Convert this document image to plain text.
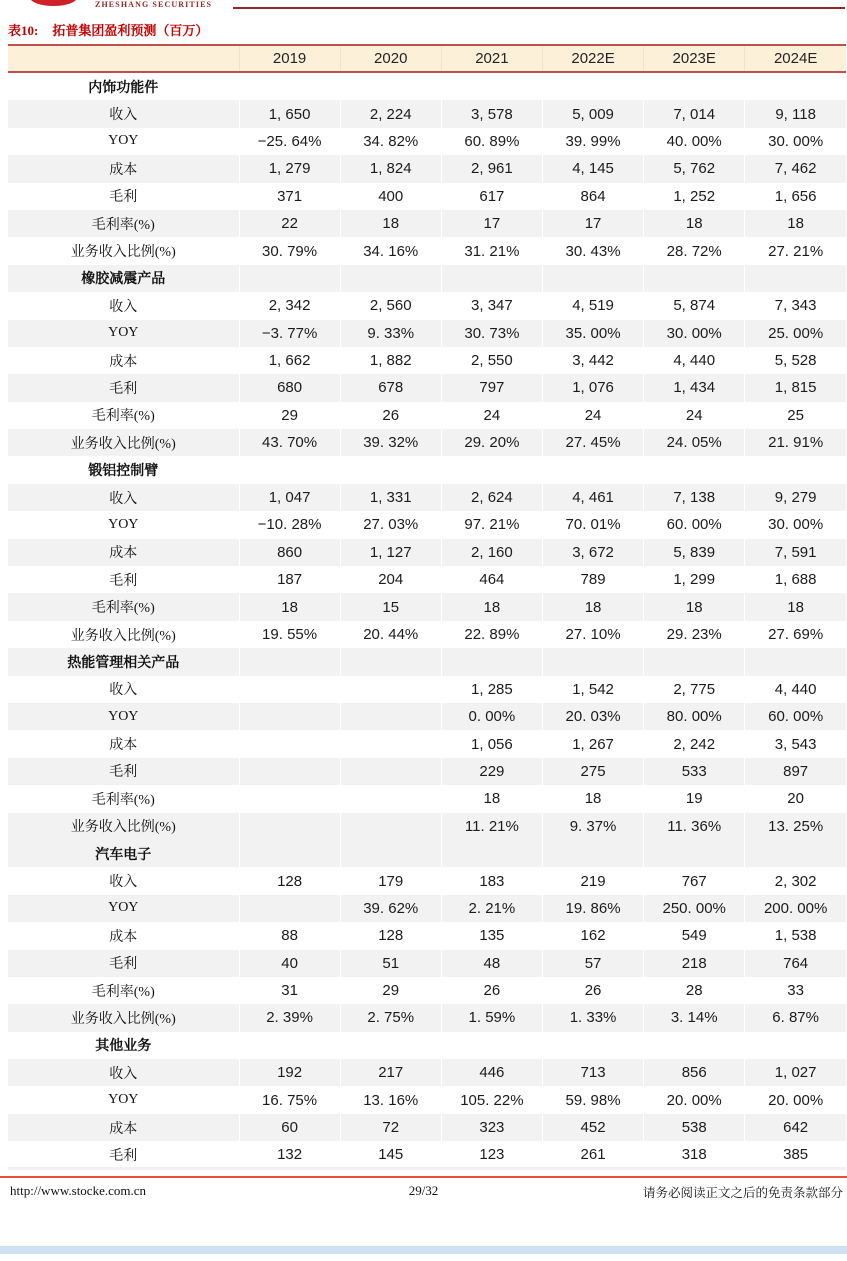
ZHESHANG SECURITIES
表10: 拓普集团盈利预测（百万）
	2019	2020	2021	2022E	2023E	2024E
内饰功能件						
收入	1, 650	2, 224	3, 578	5, 009	7, 014	9, 118
YOY	−25. 64%	34. 82%	60. 89%	39. 99%	40. 00%	30. 00%
成本	1, 279	1, 824	2, 961	4, 145	5, 762	7, 462
毛利	371	400	617	864	1, 252	1, 656
毛利率(%)	22	18	17	17	18	18
业务收入比例(%)	30. 79%	34. 16%	31. 21%	30. 43%	28. 72%	27. 21%
橡胶减震产品						
收入	2, 342	2, 560	3, 347	4, 519	5, 874	7, 343
YOY	−3. 77%	9. 33%	30. 73%	35. 00%	30. 00%	25. 00%
成本	1, 662	1, 882	2, 550	3, 442	4, 440	5, 528
毛利	680	678	797	1, 076	1, 434	1, 815
毛利率(%)	29	26	24	24	24	25
业务收入比例(%)	43. 70%	39. 32%	29. 20%	27. 45%	24. 05%	21. 91%
锻铝控制臂						
收入	1, 047	1, 331	2, 624	4, 461	7, 138	9, 279
YOY	−10. 28%	27. 03%	97. 21%	70. 01%	60. 00%	30. 00%
成本	860	1, 127	2, 160	3, 672	5, 839	7, 591
毛利	187	204	464	789	1, 299	1, 688
毛利率(%)	18	15	18	18	18	18
业务收入比例(%)	19. 55%	20. 44%	22. 89%	27. 10%	29. 23%	27. 69%
热能管理相关产品						
收入			1, 285	1, 542	2, 775	4, 440
YOY			0. 00%	20. 03%	80. 00%	60. 00%
成本			1, 056	1, 267	2, 242	3, 543
毛利			229	275	533	897
毛利率(%)			18	18	19	20
业务收入比例(%)			11. 21%	9. 37%	11. 36%	13. 25%
汽车电子						
收入	128	179	183	219	767	2, 302
YOY		39. 62%	2. 21%	19. 86%	250. 00%	200. 00%
成本	88	128	135	162	549	1, 538
毛利	40	51	48	57	218	764
毛利率(%)	31	29	26	26	28	33
业务收入比例(%)	2. 39%	2. 75%	1. 59%	1. 33%	3. 14%	6. 87%
其他业务						
收入	192	217	446	713	856	1, 027
YOY	16. 75%	13. 16%	105. 22%	59. 98%	20. 00%	20. 00%
成本	60	72	323	452	538	642
毛利	132	145	123	261	318	385
http://www.stocke.com.cn	29/32	请务必阅读正文之后的免责条款部分
